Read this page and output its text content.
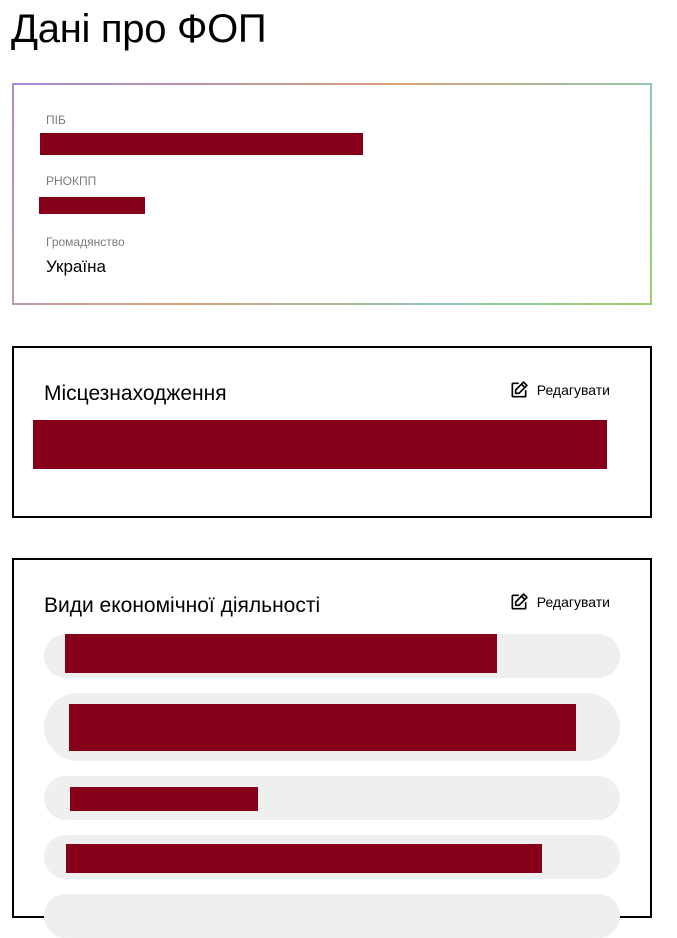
Дані про ФОП
ПІБ
РНОКПП
Громадянство
Україна
Місцезнаходження	Редагувати
Види економічної діяльності	Редагувати
